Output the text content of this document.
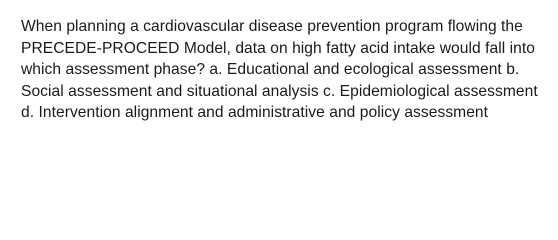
When planning a cardiovascular disease prevention program flowing the PRECEDE-PROCEED Model, data on high fatty acid intake would fall into which assessment phase? a. Educational and ecological assessment b. Social assessment and situational analysis c. Epidemiological assessment d. Intervention alignment and administrative and policy assessment
